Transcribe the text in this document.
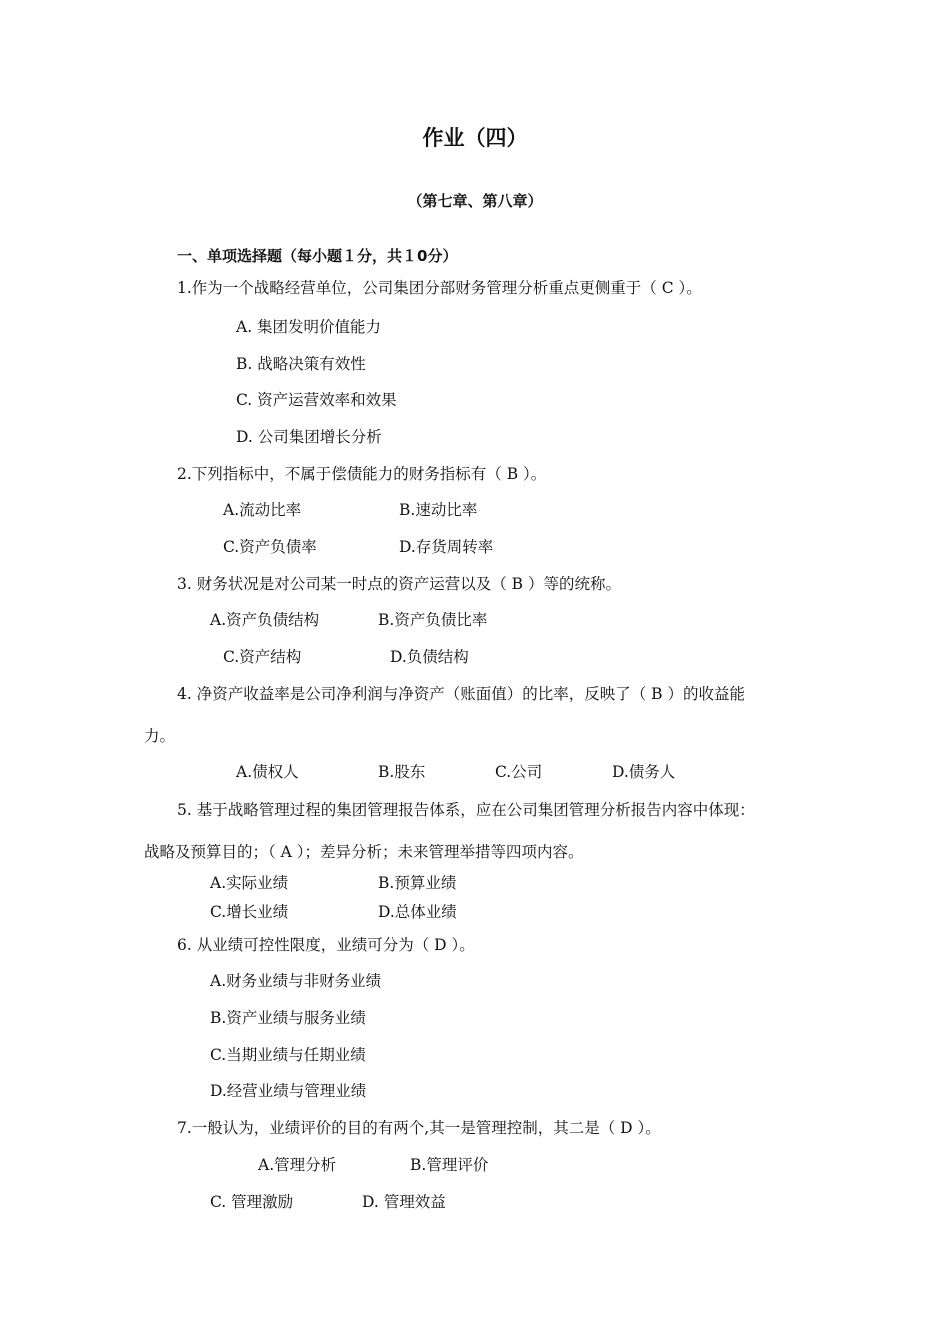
作业（四）
（第七章、第八章）
一、单项选择题（每小题１分，共１0分）
1.作为一个战略经营单位，公司集团分部财务管理分析重点更侧重于（ C ）。
A. 集团发明价值能力
B. 战略决策有效性
C. 资产运营效率和效果
D. 公司集团增长分析
2.下列指标中，不属于偿债能力的财务指标有（ B ）。
A.流动比率	B.速动比率
C.资产负债率	D.存货周转率
3. 财务状况是对公司某一时点的资产运营以及（ B ）等的统称。
A.资产负债结构	B.资产负债比率
C.资产结构	D.负债结构
4. 净资产收益率是公司净利润与净资产（账面值）的比率，反映了（ B ）的收益能
力。
A.债权人	B.股东	C.公司	D.债务人
5. 基于战略管理过程的集团管理报告体系，应在公司集团管理分析报告内容中体现：
战略及预算目的；（ A ）；差异分析；未来管理举措等四项内容。
A.实际业绩	B.预算业绩
C.增长业绩	D.总体业绩
6. 从业绩可控性限度，业绩可分为（ D ）。
A.财务业绩与非财务业绩
B.资产业绩与服务业绩
C.当期业绩与任期业绩
D.经营业绩与管理业绩
7.一般认为，业绩评价的目的有两个,其一是管理控制，其二是（ D ）。
A.管理分析	B.管理评价
C. 管理激励	D. 管理效益
